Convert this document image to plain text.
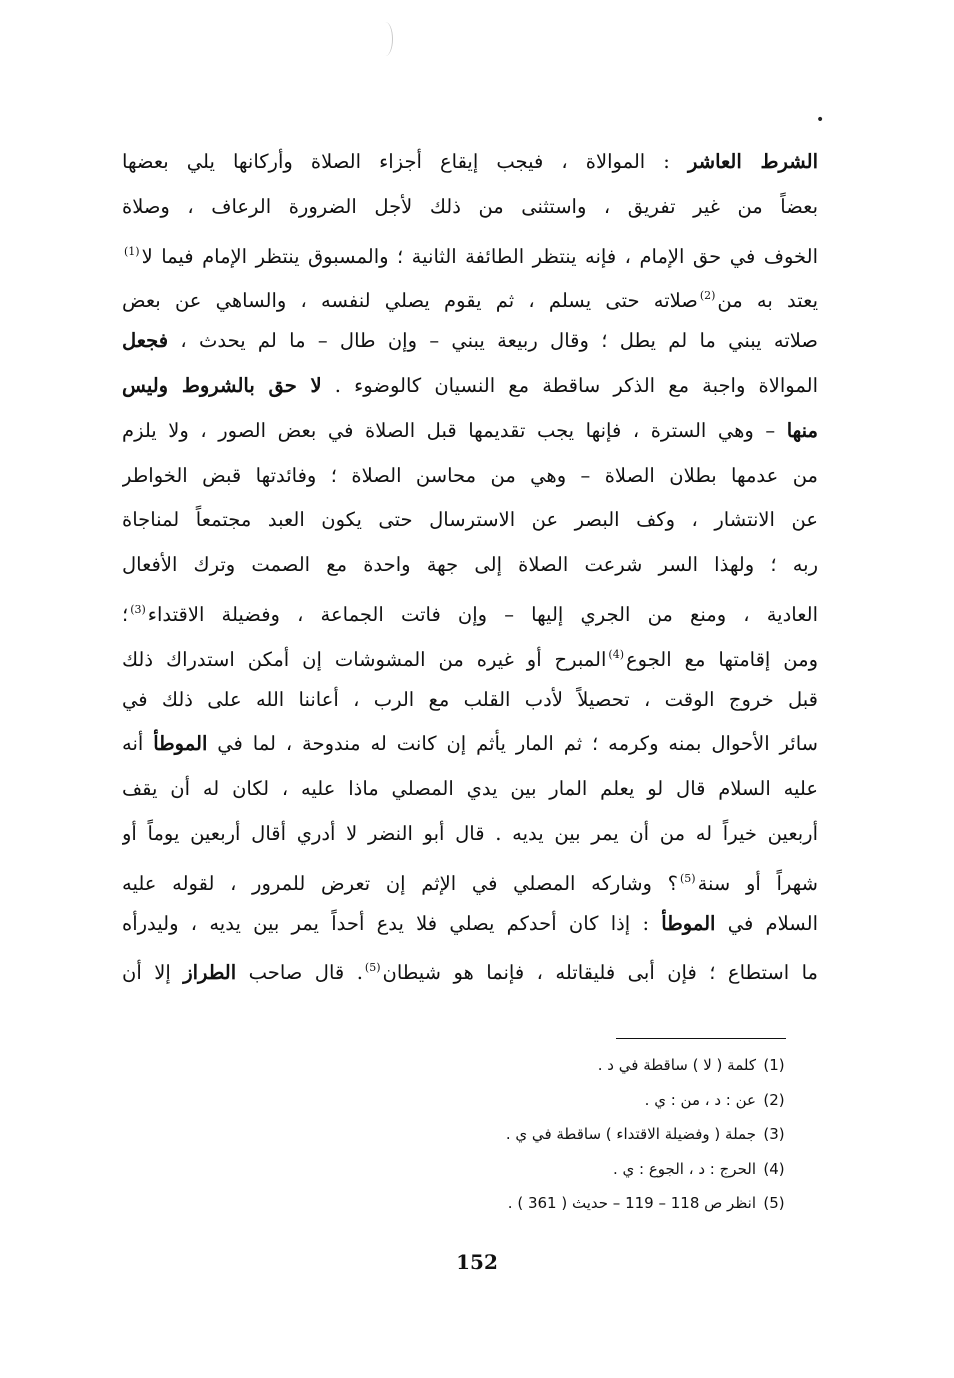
•
الشرط العاشر : الموالاة ، فيجب إيقاع أجزاء الصلاة وأركانها يلي بعضها
بعضاً من غير تفريق ، واستثنى من ذلك لأجل الضرورة الرعاف ، وصلاة
الخوف في حق الإمام ، فإنه ينتظر الطائفة الثانية ؛ والمسبوق ينتظر الإمام فيما لا$^{(1)}$
يعتد به من$^{(2)}$صلاته حتى يسلم ، ثم يقوم يصلي لنفسه ، والساهي عن بعض
صلاته يبني ما لم يطل ؛ وقال ربيعة يبني – وإن طال – ما لم يحدث ، فجعل
الموالاة واجبة مع الذكر ساقطة مع النسيان كالوضوء . لا حق بالشروط وليس
منها – وهي السترة ، فإنها يجب تقديمها قبل الصلاة في بعض الصور ، ولا يلزم
من عدمها بطلان الصلاة – وهي من محاسن الصلاة ؛ وفائدتها قبض الخواطر
عن الانتشار ، وكف البصر عن الاسترسال حتى يكون العبد مجتمعاً لمناجاة
ربه ؛ ولهذا السر شرعت الصلاة إلى جهة واحدة مع الصمت وترك الأفعال
العادية ، ومنع من الجري إليها – وإن فاتت الجماعة ، وفضيلة الاقتداء$^{(3)}$؛
ومن إقامتها مع الجوع$^{(4)}$المبرح أو غيره من المشوشات إن أمكن استدراك ذلك
قبل خروج الوقت ، تحصيلاً لأدب القلب مع الرب ، أعاننا الله على ذلك في
سائر الأحوال بمنه وكرمه ؛ ثم المار يأثم إن كانت له مندوحة ، لما في الموطأ أنه
عليه السلام قال لو يعلم المار بين يدي المصلي ماذا عليه ، لكان له أن يقف
أربعين خيراً له من أن يمر بين يديه . قال أبو النضر لا أدري أقال أربعين يوماً أو
شهراً أو سنة$^{(5)}$؟ وشاركه المصلي في الإثم إن تعرض للمرور ، لقوله عليه
السلام في الموطأ : إذا كان أحدكم يصلي فلا يدع أحداً يمر بين يديه ، وليدرأه
ما استطاع ؛ فإن أبى فليقاتله ، فإنما هو شيطان$^{(5)}$. قال صاحب الطراز إلا أن
(1)كلمة ( لا ) ساقطة في د .
(2)عن : د ، من : ي .
(3)جملة ( وفضيلة الاقتداء ) ساقطة في ي .
(4)الحرج : د ، الجوع : ي .
(5)انظر ص 118 – 119 – حديث ( 361 ) .
152
